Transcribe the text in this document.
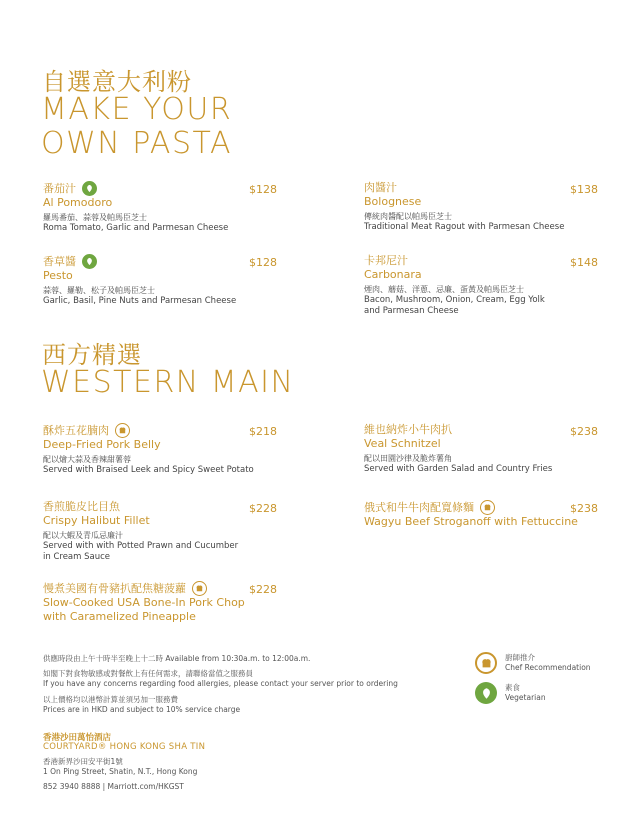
自選意大利粉
MAKE YOUR
OWN PASTA
番茄汁
Al Pomodoro
羅馬番茄、蒜蓉及帕馬臣芝士
Roma Tomato, Garlic and Parmesan Cheese
$128
香草醬
Pesto
蒜蓉、羅勒、松子及帕馬臣芝士
Garlic, Basil, Pine Nuts and Parmesan Cheese
$128
肉醬汁
Bolognese
傳統肉醬配以帕馬臣芝士
Traditional Meat Ragout with Parmesan Cheese
$138
卡邦尼汁
Carbonara
煙肉、蘑菇、洋蔥、忌廉、蛋黃及帕馬臣芝士
Bacon, Mushroom, Onion, Cream, Egg Yolk
and Parmesan Cheese
$148
西方精選
WESTERN MAIN
酥炸五花腩肉
Deep-Fried Pork Belly
配以燴大蒜及香辣甜薯蓉
Served with Braised Leek and Spicy Sweet Potato
$218
香煎脆皮比目魚
Crispy Halibut Fillet
配以大蝦及青瓜忌廉汁
Served with with Potted Prawn and Cucumber
in Cream Sauce
$228
慢煮美國有骨豬扒配焦糖菠蘿
Slow-Cooked USA Bone-In Pork Chop
with Caramelized Pineapple
$228
維也納炸小牛肉扒
Veal Schnitzel
配以田園沙律及脆炸薯角
Served with Garden Salad and Country Fries
$238
俄式和牛牛肉配寬條麵
Wagyu Beef Stroganoff with Fettuccine
$238
供應時段由上午十時半至晚上十二時 Available from 10:30a.m. to 12:00a.m.
如閣下對食物敏感或對餐飲上有任何需求，請聯絡當值之服務員
If you have any concerns regarding food allergies, please contact your server prior to ordering
以上價格均以港幣計算並須另加一服務費
Prices are in HKD and subject to 10% service charge
香港沙田萬怡酒店
COURTYARD® HONG KONG SHA TIN
香港新界沙田安平街1號
1 On Ping Street, Shatin, N.T., Hong Kong
852 3940 8888 | Marriott.com/HKGST
廚師推介
Chef Recommendation
素食
Vegetarian
